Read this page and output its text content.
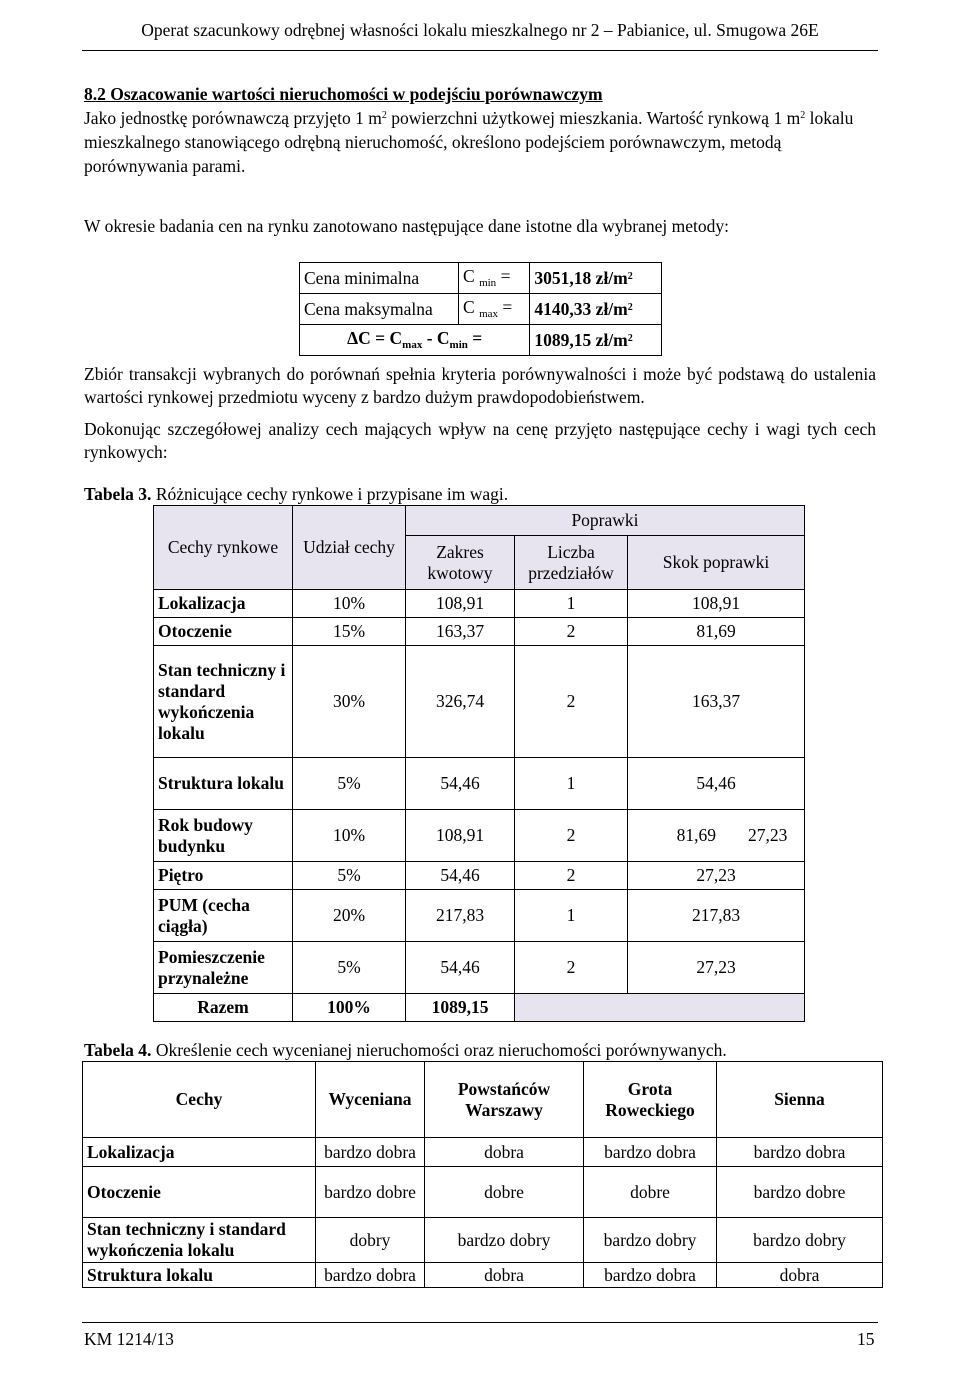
Operat szacunkowy odrębnej własności lokalu mieszkalnego nr 2 – Pabianice, ul. Smugowa 26E
8.2 Oszacowanie wartości nieruchomości w podejściu porównawczym
Jako jednostkę porównawczą przyjęto 1 $m^2$ powierzchni użytkowej mieszkania. Wartość rynkową 1 $m^2$ lokalu mieszkalnego stanowiącego odrębną nieruchomość, określono podejściem porównawczym, metodą porównywania parami.
W okresie badania cen na rynku zanotowano następujące dane istotne dla wybranej metody:
Cena minimalna	C $_{min}$ =	3051,18 $zł/m^2$
Cena maksymalna	C $_{max}$ =	4140,33 $zł/m^2$
$\Delta C = C_{max} - C_{min}$ =		1089,15 $zł/m^2$
Zbiór transakcji wybranych do porównań spełnia kryteria porównywalności i może być podstawą do ustalenia wartości rynkowej przedmiotu wyceny z bardzo dużym prawdopodobieństwem.
Dokonując szczegółowej analizy cech mających wpływ na cenę przyjęto następujące cechy i wagi tych cech rynkowych:
Tabela 3. Różnicujące cechy rynkowe i przypisane im wagi.
Cechy rynkowe	Udział cechy	Poprawki		
		Zakres kwotowy	Liczba przedziałów	Skok poprawki
Lokalizacja	10%	108,91	1	108,91
Otoczenie	15%	163,37	2	81,69
Stan techniczny i standard wykończenia lokalu	30%	326,74	2	163,37
Struktura lokalu	5%	54,46	1	54,46
Rok budowy budynku	10%	108,91	2	81,69 27,23
Piętro	5%	54,46	2	27,23
PUM (cecha ciągła)	20%	217,83	1	217,83
Pomieszczenie przynależne	5%	54,46	2	27,23
Razem	100%	1089,15		
Tabela 4. Określenie cech wycenianej nieruchomości oraz nieruchomości porównywanych.
Cechy	Wyceniana	Powstańców Warszawy	Grota Roweckiego	Sienna
Lokalizacja	bardzo dobra	dobra	bardzo dobra	bardzo dobra
Otoczenie	bardzo dobre	dobre	dobre	bardzo dobre
Stan techniczny i standard wykończenia lokalu	dobry	bardzo dobry	bardzo dobry	bardzo dobry
Struktura lokalu	bardzo dobra	dobra	bardzo dobra	dobra
KM 1214/13	15
